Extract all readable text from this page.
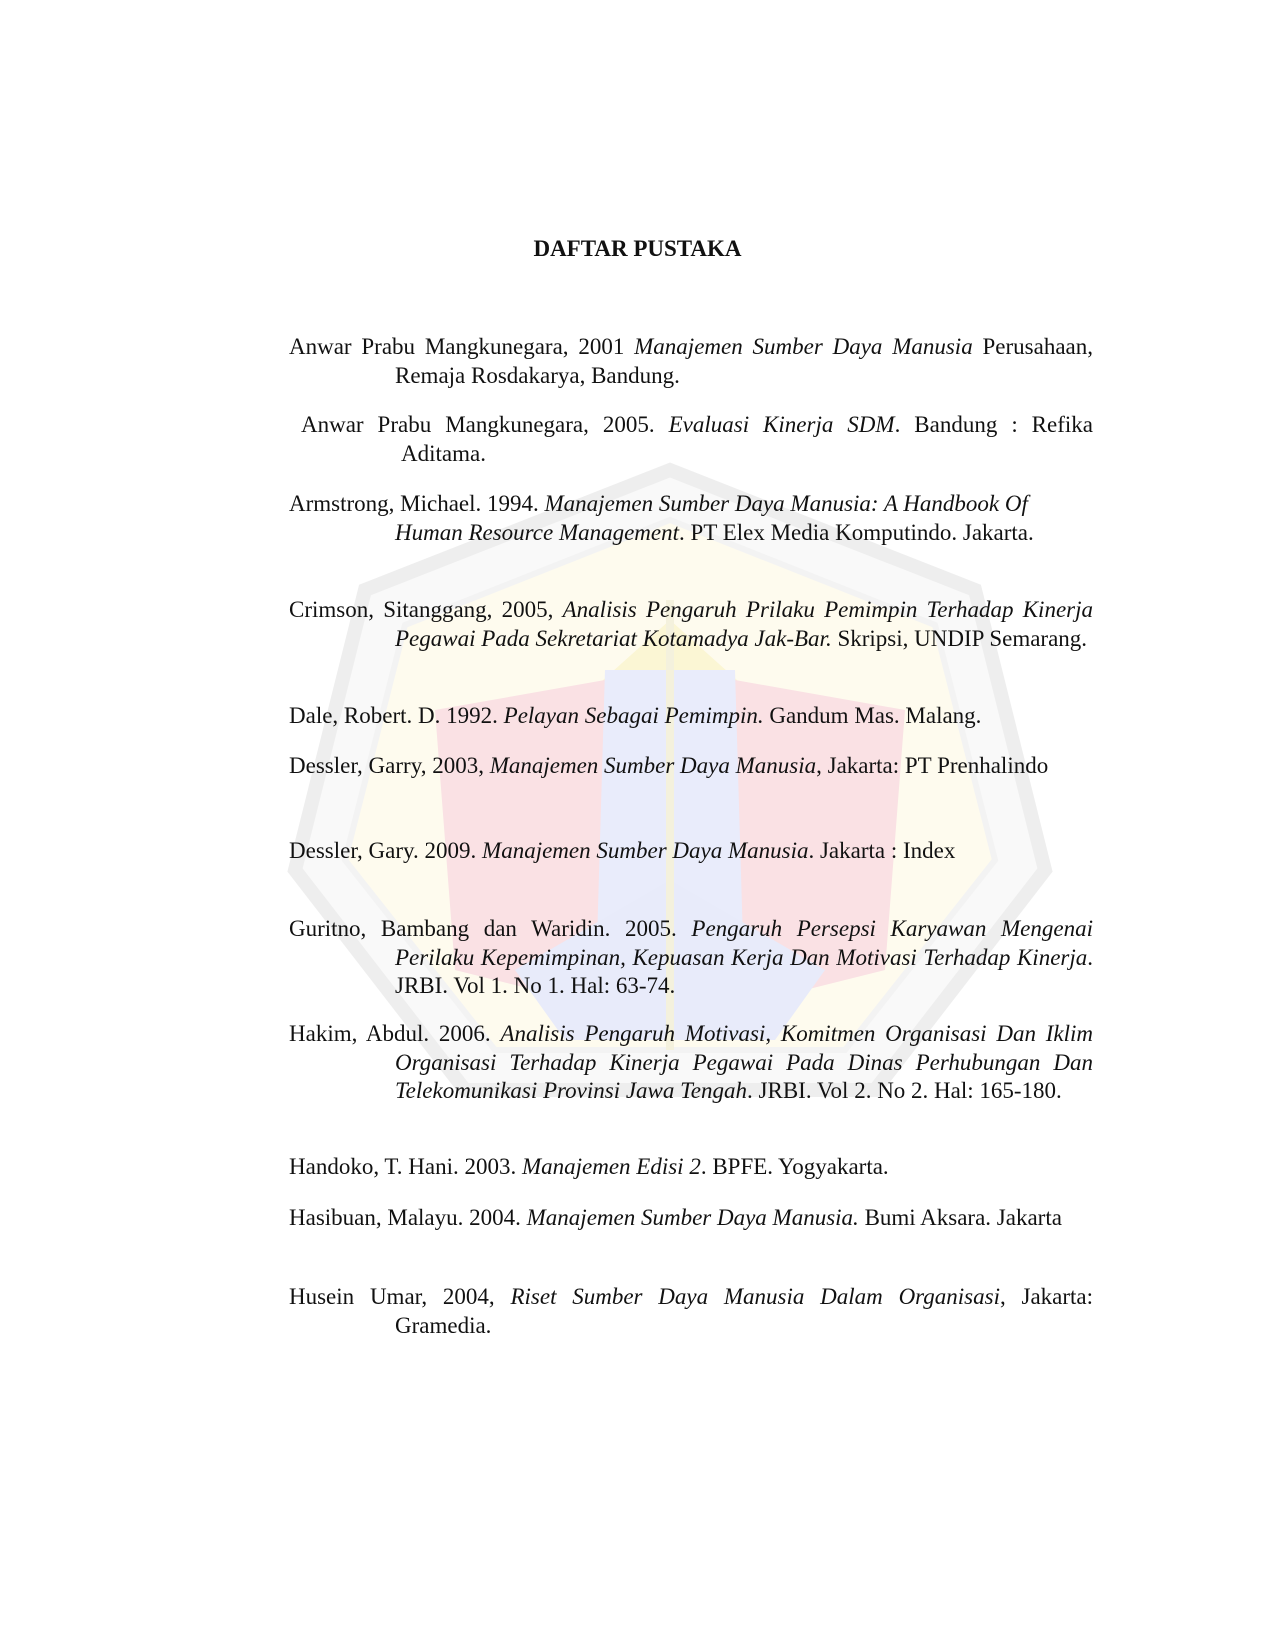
DAFTAR PUSTAKA
Anwar Prabu Mangkunegara, 2001 Manajemen Sumber Daya Manusia Perusahaan, Remaja Rosdakarya, Bandung.
Anwar Prabu Mangkunegara, 2005. Evaluasi Kinerja SDM. Bandung : Refika Aditama.
Armstrong, Michael. 1994. Manajemen Sumber Daya Manusia: A Handbook Of Human Resource Management. PT Elex Media Komputindo. Jakarta.
Crimson, Sitanggang, 2005, Analisis Pengaruh Prilaku Pemimpin Terhadap Kinerja Pegawai Pada Sekretariat Kotamadya Jak-Bar. Skripsi, UNDIP Semarang.
Dale, Robert. D. 1992. Pelayan Sebagai Pemimpin. Gandum Mas. Malang.
Dessler, Garry, 2003, Manajemen Sumber Daya Manusia, Jakarta: PT Prenhalindo
Dessler, Gary. 2009. Manajemen Sumber Daya Manusia. Jakarta : Index
Guritno, Bambang dan Waridin. 2005. Pengaruh Persepsi Karyawan Mengenai Perilaku Kepemimpinan, Kepuasan Kerja Dan Motivasi Terhadap Kinerja. JRBI. Vol 1. No 1. Hal: 63-74.
Hakim, Abdul. 2006. Analisis Pengaruh Motivasi, Komitmen Organisasi Dan Iklim Organisasi Terhadap Kinerja Pegawai Pada Dinas Perhubungan Dan Telekomunikasi Provinsi Jawa Tengah. JRBI. Vol 2. No 2. Hal: 165-180.
Handoko, T. Hani. 2003. Manajemen Edisi 2. BPFE. Yogyakarta.
Hasibuan, Malayu. 2004. Manajemen Sumber Daya Manusia. Bumi Aksara. Jakarta
Husein Umar, 2004, Riset Sumber Daya Manusia Dalam Organisasi, Jakarta: Gramedia.
